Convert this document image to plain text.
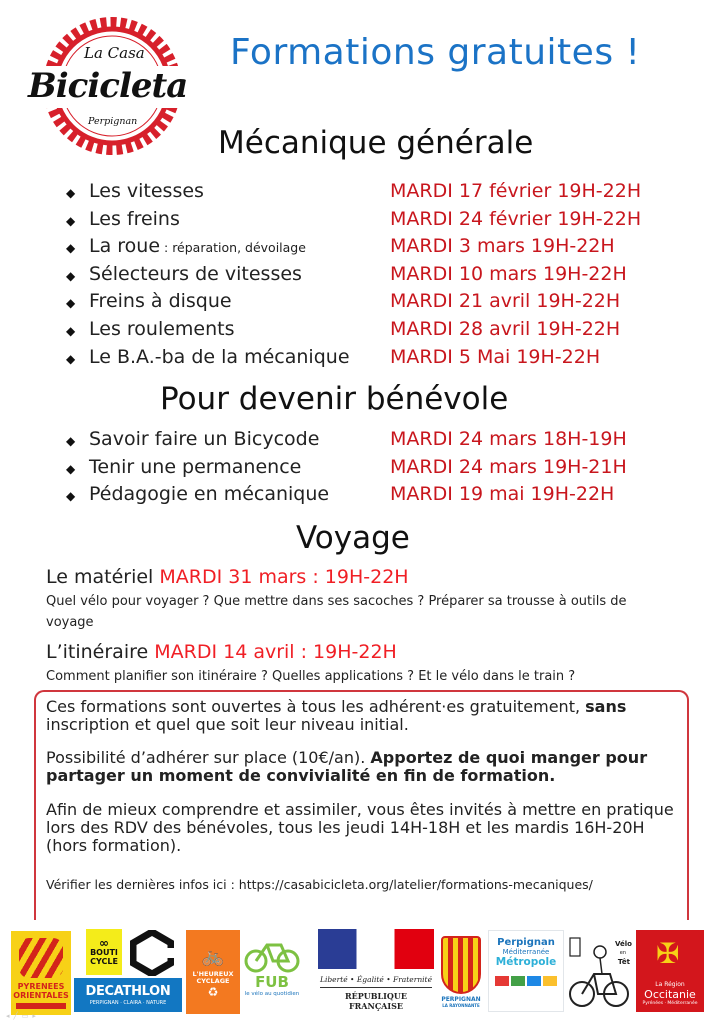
La Casa
Bicicleta
Perpignan
Formations gratuites !
Mécanique générale
◆ Les vitesses	MARDI 17 février 19H-22H
◆ Les freins	MARDI 24 février 19H-22H
◆ La roue : réparation, dévoilage	MARDI 3 mars 19H-22H
◆ Sélecteurs de vitesses	MARDI 10 mars 19H-22H
◆ Freins à disque	MARDI 21 avril 19H-22H
◆ Les roulements	MARDI 28 avril 19H-22H
◆ Le B.A.-ba de la mécanique MARDI 5 Mai 19H-22H
Pour devenir bénévole
◆ Savoir faire un Bicycode	MARDI 24 mars 18H-19H
◆ Tenir une permanence	MARDI 24 mars 19H-21H
◆ Pédagogie en mécanique	MARDI 19 mai 19H-22H
Voyage
Le matériel MARDI 31 mars : 19H-22H
Quel vélo pour voyager ? Que mettre dans ses sacoches ? Préparer sa trousse à outils de voyage
L’itinéraire MARDI 14 avril : 19H-22H
Comment planifier son itinéraire ? Quelles applications ? Et le vélo dans le train ?

Ces formations sont ouvertes à tous les adhérent·es gratuitement, sans inscription et quel que soit leur niveau initial.

Possibilité d’adhérer sur place (10€/an). Apportez de quoi manger pour partager un moment de convivialité en fin de formation.

Afin de mieux comprendre et assimiler, vous êtes invités à mettre en pratique lors des RDV des bénévoles, tous les jeudi 14H-18H et les mardis 16H-20H (hors formation).

Vérifier les dernières infos ici : https://casabicicleta.org/latelier/formations-mecaniques/

PYRENEES
ORIENTALES
∞
BOUTI
CYCLE
DECATHLON
PERPIGNAN · CLAIRA · NATURE
🚲
L'HEUREUX
CYCLAGE
♻
FUB
le vélo au quotidien
Liberté • Égalité • Fraternité
RÉPUBLIQUE FRANÇAISE
PERPIGNAN
LA RAYONNANTE
Perpignan
Méditerranée
Métropole
Vélo
en
Têt ✠
La Région
Occitanie
Pyrénées · Méditerranée
◂╱▭▸
